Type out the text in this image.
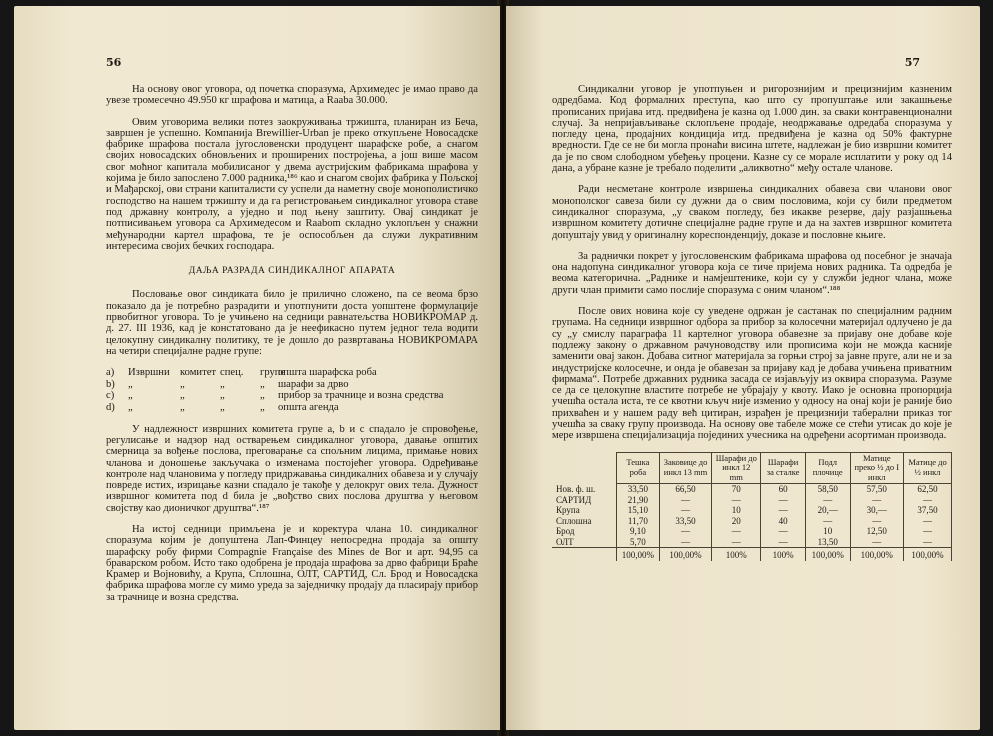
56

На основу овог уговора, од почетка споразума, Архимедес је имао право да увезе тромесечно 49.950 кг шрафова и матица, а Raaba 30.000.

Овим уговорима велики потез заокруживања тржишта, планиран из Беча, завршен је успешно. Компанија Brewillier-Urban је преко откупљене Новосадске фабрике шрафова постала југословенски продуцент шарафске робе, а снагом својих новосадских обновљених и проширених постројења, а још више масом свог моћног капитала мобилисаног у двема аустријским фабрикама шрафова у којима је било запослено 7.000 радника,¹⁸⁶ као и снагом својих фабрика у Пољској и Мађарској, ови страни капиталисти су успели да наметну своје монополистичко господство на нашем тржишту и да га регистровањем синдикалног уговора ставе под државну контролу, а уједно и под њену заштиту. Овај синдикат је потписивањем уговора са Архимедесом и Raabom складно уклопљен у снажни међународни картел шрафова, те је оспособљен да служи лукративним интересима својих бечких господара.

ДАЉА РАЗРАДА СИНДИКАЛНОГ АПАРАТА

Пословање овог синдиката било је прилично сложено, па се веома брзо показало да је потребно разрадити и употпунити доста уопштене формулације првобитног уговора. То је учињено на седници равнатељства НОВИКРОМАР д. д. 27. III 1936, кад је констатовано да је неефикасно путем једног тела водити целокупну синдикалну политику, те је дошло до развртавања НОВИКРОМАРА на четири специјалне радне групе:

a)	Извршни комитет спец.	групе
општа шарафска роба
b)	„	„	„	„	шарафи за дрво
c)	„	„	„	„	прибор за трачнице и возна средства
d)	„	„	„	„	општа агенда

У надлежност извршних комитета групе a, b и c спадало је спровођење, регулисање и надзор над остварењем синдикалног уговора, давање општих смерница за вођење послова, преговарање са спољним лицима, примање нових чланова и доношење закључака о изменама постојећег уговора. Одређивање контроле над члановима у погледу придржавања синдикалних обавеза и у случају повреде истих, изрицање казни спадало је такође у делокруг ових тела. Дужност извршног комитета под d била је „вођство свих послова друштва у његовом својству као дионичког друштва“.¹⁸⁷

На истој седници примљена је и коректура члана 10. синдикалног споразума којим је допуштена Лап-Финцеу непосредна продаја за општу шарафску робу фирми Compagnie Française des Mines de Bor и арт. 94,95 са браварском робом. Исто тако одобрена је продаја шрафова за дрво фабрици Браће Крамер и Војновићу, а Крупа, Сплошна, ОЛТ, САРТИД, Сл. Брод и Новосадска фабрика шрафова могле су мимо уреда за заједничку продају да пласирају прибор за трачнице и возна средства.

57

Синдикални уговор је употпуњен и ригорознијим и прецизнијим казненим одредбама. Код формалних преступа, као што су пропуштање или закашњење прописаних пријава итд. предвиђена је казна од 1.000 дин. за сваки контравенционални случај. За непријављивање склопљене продаје, неодржавање одредаба споразума у погледу цена, продајних кондиција итд. предвиђена је казна од 50% фактурне вредности. Где се не би могла пронаћи висина штете, надлежан је био извршни комитет да је по свом слободном убеђењу процени. Казне су се морале исплатити у року од 14 дана, а убране казне је требало поделити „аликвотно“ међу остале чланове.

Ради несметане контроле извршења синдикалних обавеза сви чланови овог монополског савеза били су дужни да о свим пословима, који су били предметом синдикалног споразума, „у сваком погледу, без икакве резерве, дају разјашњења извршном комитету дотичне специјалне радне групе и да на захтев извршног комитета допуштају увид у оригиналну кореспонденцију, доказе и пословне књиге.

За раднички покрет у југословенским фабрикама шрафова од посебног је значаја она надопуна синдикалног уговора која се тиче пријема нових радника. Та одредба је веома категорична. „Раднике и намјештенике, који су у служби једног члана, може други члан примити само послије споразума с оним чланом“.¹⁸⁸

После ових новина које су уведене одржан је састанак по специјалним радним групама. На седници извршног одбора за прибор за колосечни материјал одлучено је да су „у смислу параграфа 11 картелног уговора обавезне за пријаву оне добаве које подлежу закону о државном рачуноводству или прописима који не можда касније заменити овај закон. Добава ситног материјала за горњи строј за јавне пруге, али не и за индустријске колосечне, и онда је обавезан за пријаву кад је добава учињена приватним фирмама“. Потребе државних рудника засада се изјављују из оквира споразума. Разуме се да се целокупне властите потребе не убрајају у квоту. Иако је основна пропорција учешћа остала иста, те се квотни кључ није изменио у односу на онај који је раније био прихваћен и у нашем раду већ цитиран, израђен је прецизнији таберални приказ тог учешћа за сваку групу производа. На основу ове табеле може се стећи утисак до које је мере извршена специјализација појединих учесника на одређени асортиман производа.

	Тешка роба	Заковице до инкл 13 mm	Шарафи до инкл 12 mm	Шарафи за сталке	Подл плочице	Матице преко ½ до I инкл	Матице до ½ инкл
Нов. ф. ш.	33,50	66,50	70	60	58,50	57,50	62,50
САРТИД	21,90	—	—	—	—	—	—
Крупа	15,10	—	10	—	20,—	30,—	37,50
Сплошна	11,70	33,50	20	40	—	—	—
Брод	9,10	—	—	—	10	12,50	—
ОЛТ	5,70	—	—	—	13,50	—	—
	100,00%	100,00%	100%	100%	100,00%	100,00%	100,00%
